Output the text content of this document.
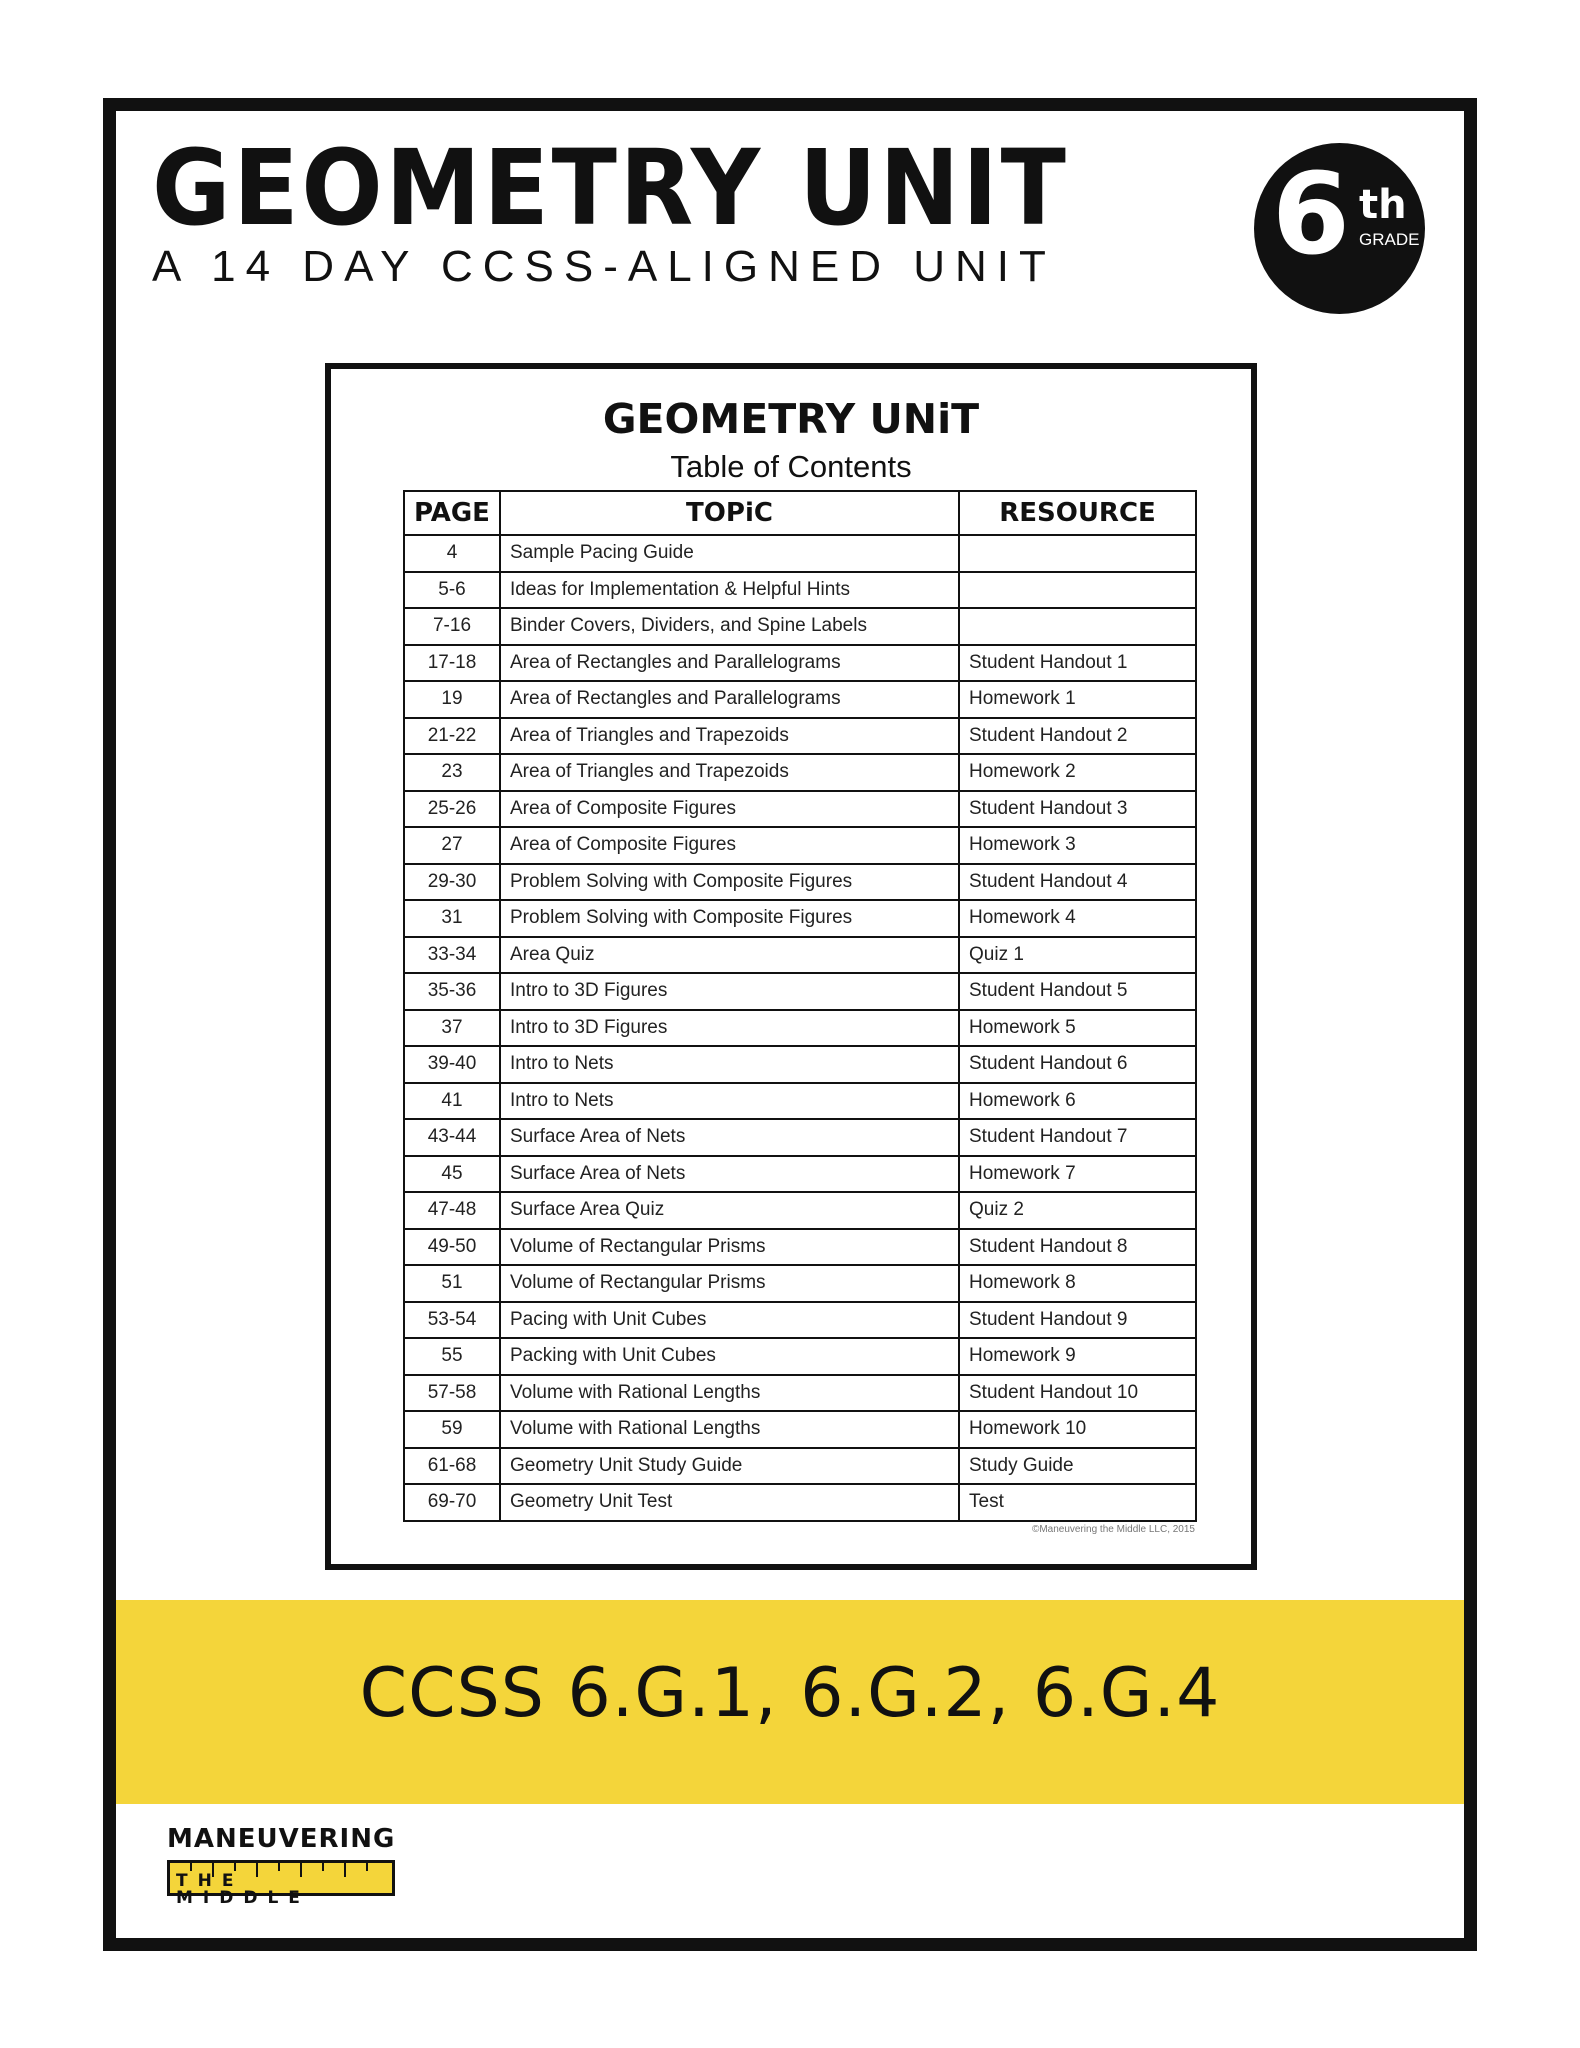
GEOMETRY UNIT
A 14 DAY CCSS-ALIGNED UNIT 6 th
GRADE
GEOMETRY UNiT
Table of Contents
PAGE	TOPiC	RESOURCE
4	Sample Pacing Guide	
5-6	Ideas for Implementation & Helpful Hints	
7-16	Binder Covers, Dividers, and Spine Labels	
17-18	Area of Rectangles and Parallelograms	Student Handout 1
19	Area of Rectangles and Parallelograms	Homework 1
21-22	Area of Triangles and Trapezoids	Student Handout 2
23	Area of Triangles and Trapezoids	Homework 2
25-26	Area of Composite Figures	Student Handout 3
27	Area of Composite Figures	Homework 3
29-30	Problem Solving with Composite Figures	Student Handout 4
31	Problem Solving with Composite Figures	Homework 4
33-34	Area Quiz	Quiz 1
35-36	Intro to 3D Figures	Student Handout 5
37	Intro to 3D Figures	Homework 5
39-40	Intro to Nets	Student Handout 6
41	Intro to Nets	Homework 6
43-44	Surface Area of Nets	Student Handout 7
45	Surface Area of Nets	Homework 7
47-48	Surface Area Quiz	Quiz 2
49-50	Volume of Rectangular Prisms	Student Handout 8
51	Volume of Rectangular Prisms	Homework 8
53-54	Pacing with Unit Cubes	Student Handout 9
55	Packing with Unit Cubes	Homework 9
57-58	Volume with Rational Lengths	Student Handout 10
59	Volume with Rational Lengths	Homework 10
61-68	Geometry Unit Study Guide	Study Guide
69-70	Geometry Unit Test	Test
©Maneuvering the Middle LLC, 2015
CCSS 6.G.1, 6.G.2, 6.G.4
MANEUVERING
THE MIDDLE
